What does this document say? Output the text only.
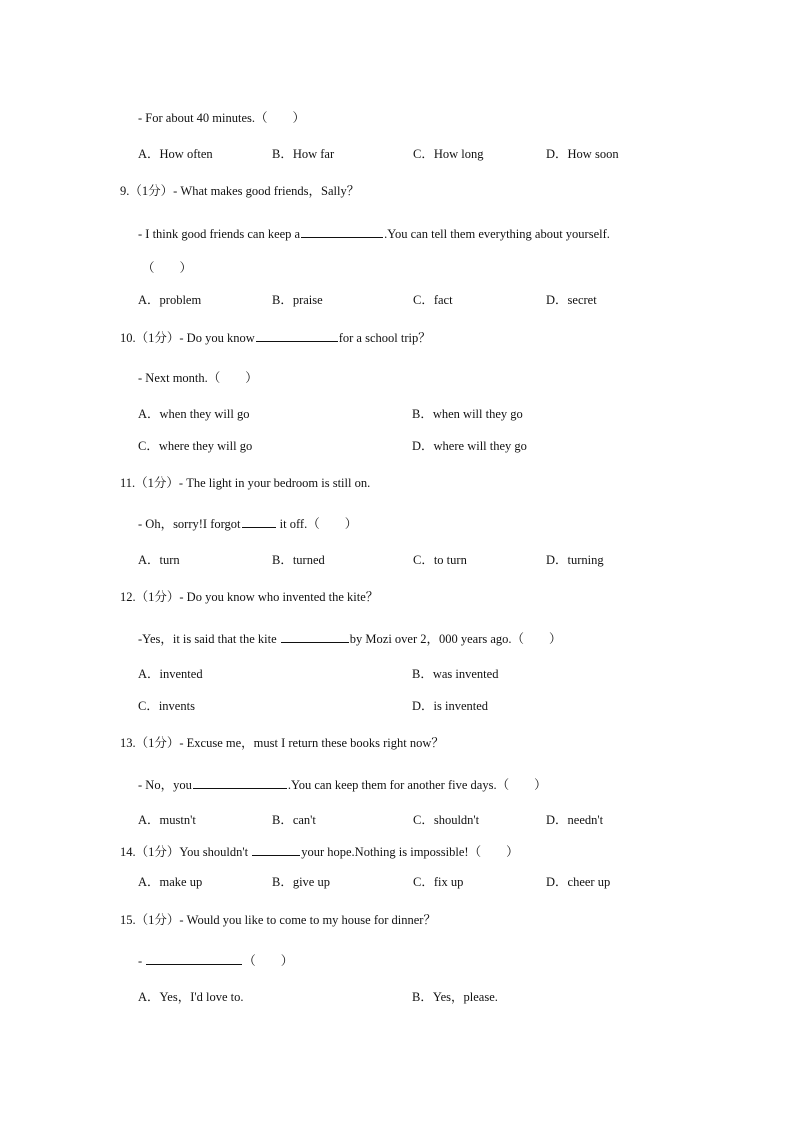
- For about 40 minutes.（　　）
A．How often	B．How far	C．How long	D．How soon
9.（1分）- What makes good friends，Sally？
- I think good friends can keep a	.You can tell them everything about yourself.
（　　）
A．problem	B．praise	C．fact	D．secret
10.（1分）- Do you know	for a school trip？
- Next month.（　　）
A．when they will go	B．when will they go
C．where they will go	D．where will they go
11.（1分）- The light in your bedroom is still on.
- Oh，sorry!I forgot	it off.（　　）
A．turn	B．turned	C．to turn	D．turning
12.（1分）- Do you know who invented the kite？
-Yes，it is said that the kite	by Mozi over 2，000 years ago.（　　）
A．invented	B．was invented
C．invents	D．is invented
13.（1分）- Excuse me，must I return these books right now？
- No，you	.You can keep them for another five days.（　　）
A．mustn't	B．can't	C．shouldn't	D．needn't
14.（1分）You shouldn't	your hope.Nothing is impossible!（　　）
A．make up	B．give up	C．fix up	D．cheer up
15.（1分）- Would you like to come to my house for dinner？
-	（　　）
A．Yes，I'd love to.	B．Yes，please.
